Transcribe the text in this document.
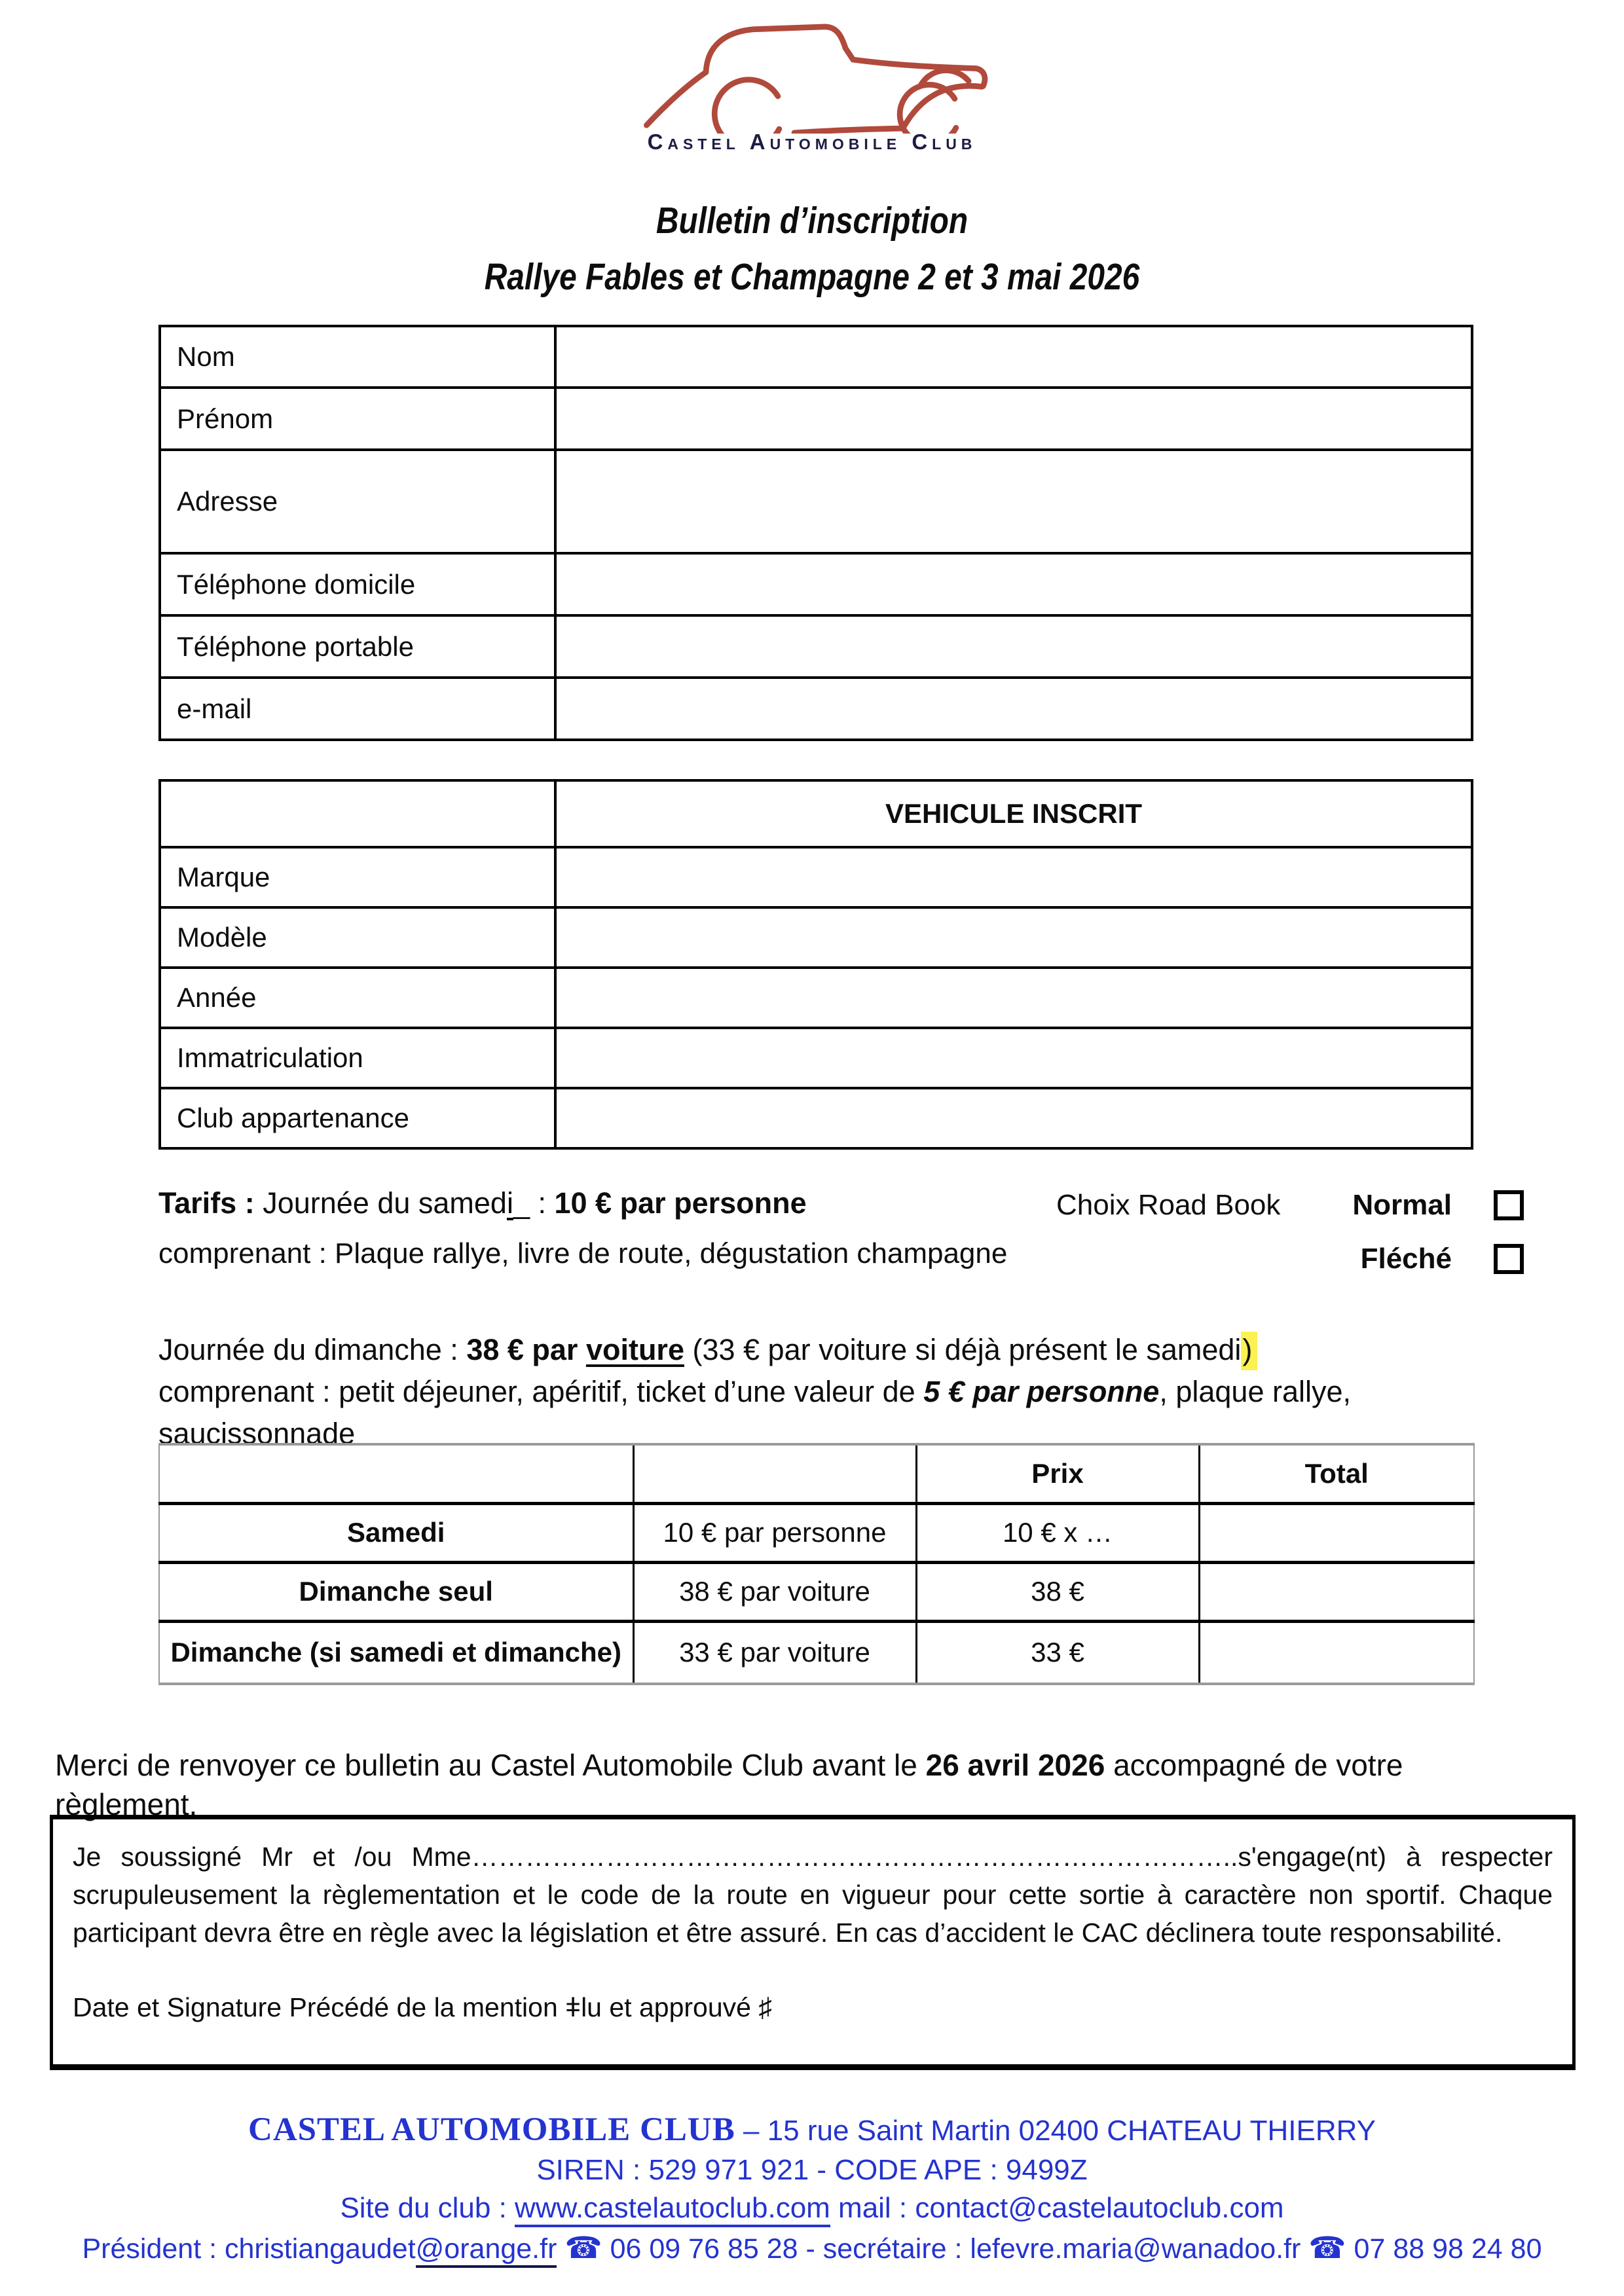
Castel Automobile Club
Bulletin d’inscription
Rallye Fables et Champagne 2 et 3 mai 2026
Nom	
Prénom	
Adresse	
Téléphone domicile	
Téléphone portable	
e-mail	
	VEHICULE INSCRIT
Marque	
Modèle	
Année	
Immatriculation	
Club appartenance	
Tarifs : Journée du samedi_ : 10 € par personne
comprenant : Plaque rallye, livre de route, dégustation champagne
Choix Road Book	Normal
Fléché
Journée du dimanche : 38 € par voiture (33 € par voiture si déjà présent le samedi)
comprenant : petit déjeuner, apéritif, ticket d’une valeur de 5 € par personne, plaque rallye,
saucissonnade
		Prix	Total
Samedi	10 € par personne	10 € x …	
Dimanche seul	38 € par voiture	38 €	
Dimanche (si samedi et dimanche)	33 € par voiture	33 €	

Merci de renvoyer ce bulletin au Castel Automobile Club avant le 26 avril 2026 accompagné de votre
règlement.

Je soussigné Mr et /ou Mme…………………………………………………………………………..s'engage(nt) à respecter scrupuleusement la règlementation et le code de la route en vigueur pour cette sortie à caractère non sportif. Chaque participant devra être en règle avec la législation et être assuré. En cas d’accident le CAC déclinera toute responsabilité.

Date et Signature Précédé de la mention ǂlu et approuvé ♯
CASTEL AUTOMOBILE CLUB – 15 rue Saint Martin 02400 CHATEAU THIERRY
SIREN : 529 971 921 - CODE APE : 9499Z
Site du club : www.castelautoclub.com mail : contact@castelautoclub.com
Président : christiangaudet@orange.fr ☎ 06 09 76 85 28 - secrétaire : lefevre.maria@wanadoo.fr ☎ 07 88 98 24 80
